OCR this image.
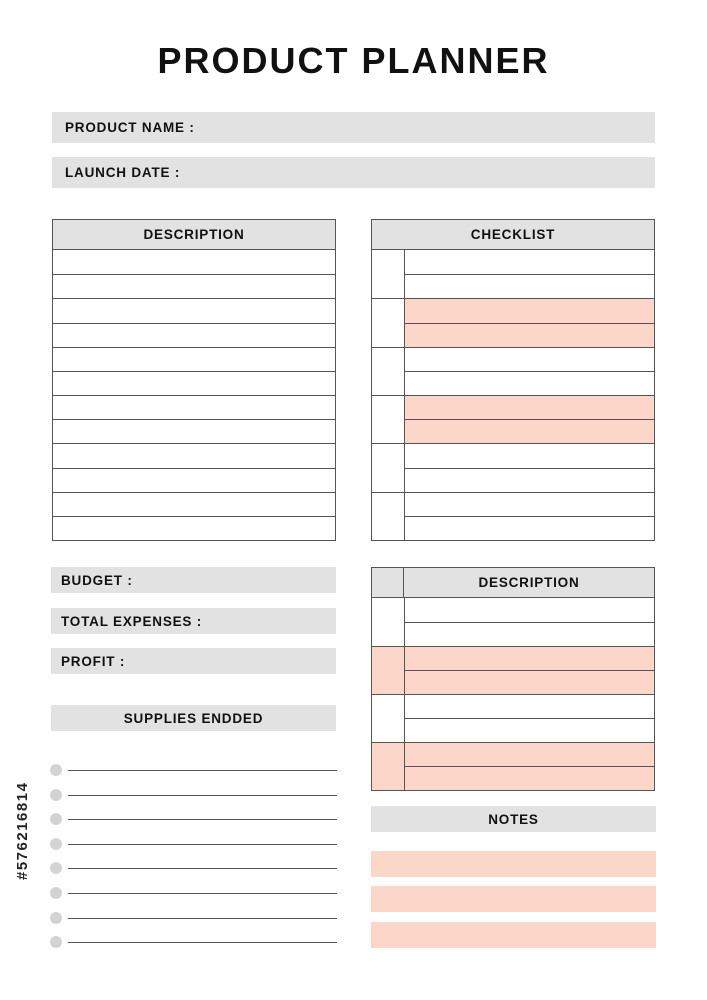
PRODUCT PLANNER
PRODUCT NAME :
LAUNCH DATE :
DESCRIPTION	CHECKLIST
BUDGET :
TOTAL EXPENSES :
PROFIT :
SUPPLIES ENDDED
DESCRIPTION
NOTES
#576216814
